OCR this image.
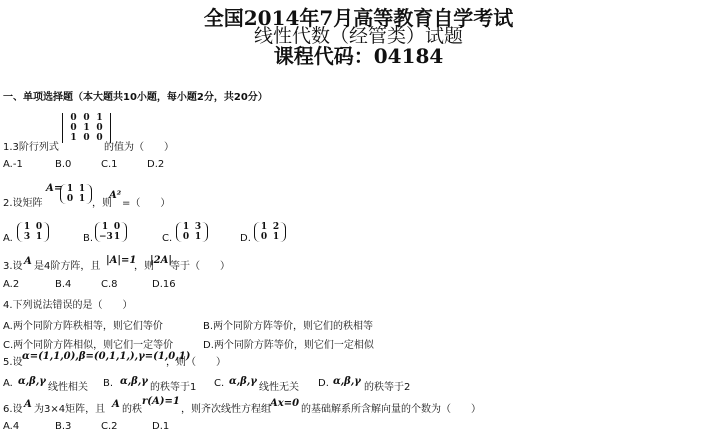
全国2014年7月高等教育自学考试
线性代数（经管类）试题
课程代码：04184
一、单项选择题（本大题共10小题，每小题2分，共20分）
1.3阶行列式
0 0 1
0 1 0
1 0 0
的值为（　　）
A.-1	B.0	C.1	D.2
2.设矩阵
A = 1 1
0 1 ，则
A²
=（　　）
A.
1 0
3 1	B.
1 0
−3 1	C.
1 3
0 1	D.
1 2
0 1
3.设 A 是4阶方阵，且
|A|=1
，则
|2A|
等于（　　）
A.2	B.4	C.8	D.16
4.下列说法错误的是（　　）
A.两个同阶方阵秩相等，则它们等价	B.两个同阶方阵等价，则它们的秩相等
C.两个同阶方阵相似，则它们一定等价	D.两个同阶方阵等价，则它们一定相似
5.设
α=(1,1,0),β=(0,1,1,),γ=(1,0,1)
，则（　　）
A. α,β,γ
线性相关 B. α,β,γ
的秩等于1 C. α,β,γ
线性无关 D. α,β,γ
的秩等于2
6.设 A 为3×4矩阵，且 A 的秩
r(A)=1
，则齐次线性方程组
Ax=0
的基础解系所含解向量的个数为（　　）
A.4	B.3	C.2	D.1
